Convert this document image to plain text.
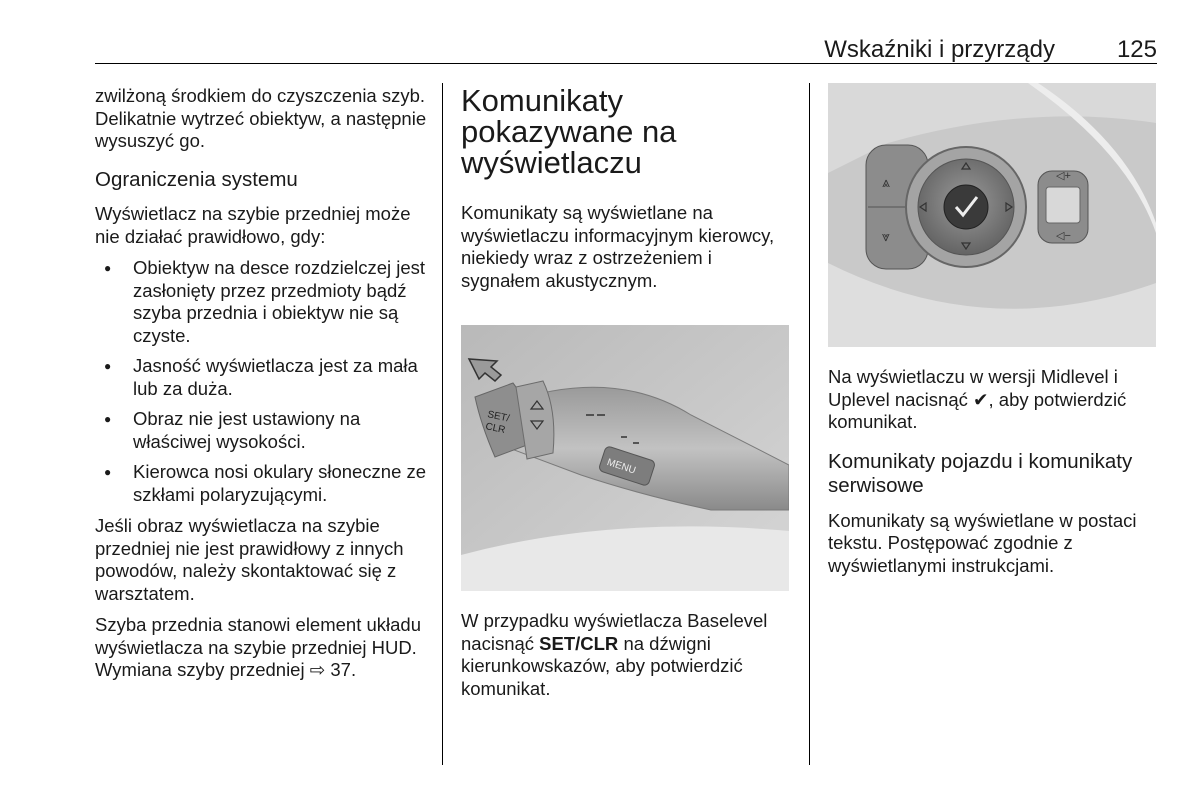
Wskaźniki i przyrządy	125

zwilżoną środkiem do czyszczenia szyb. Delikatnie wytrzeć obiektyw, a następnie wysuszyć go.

Ograniczenia systemu

Wyświetlacz na szybie przedniej może nie działać prawidłowo, gdy:

● Obiektyw na desce rozdzielczej jest zasłonięty przez przedmioty bądź szyba przednia i obiektyw nie są czyste.
● Jasność wyświetlacza jest za mała lub za duża.
● Obraz nie jest ustawiony na właściwej wysokości.
● Kierowca nosi okulary słoneczne ze szkłami polaryzującymi.

Jeśli obraz wyświetlacza na szybie przedniej nie jest prawidłowy z innych powodów, należy skontaktować się z warsztatem.

Szyba przednia stanowi element układu wyświetlacza na szybie przedniej HUD. Wymiana szyby przedniej ⇨ 37.

Komunikaty pokazywane na wyświetlaczu

Komunikaty są wyświetlane na wyświetlaczu informacyjnym kierowcy, niekiedy wraz z ostrzeżeniem i sygnałem akustycznym.

SET/
CLR
MENU

W przypadku wyświetlacza Baselevel nacisnąć SET/CLR na dźwigni kierunkowskazów, aby potwierdzić komunikat.

⩓
⩔
◁+
◁−

Na wyświetlaczu w wersji Midlevel i Uplevel nacisnąć ✔, aby potwierdzić komunikat.

Komunikaty pojazdu i komunikaty serwisowe

Komunikaty są wyświetlane w postaci tekstu. Postępować zgodnie z wyświetlanymi instrukcjami.
